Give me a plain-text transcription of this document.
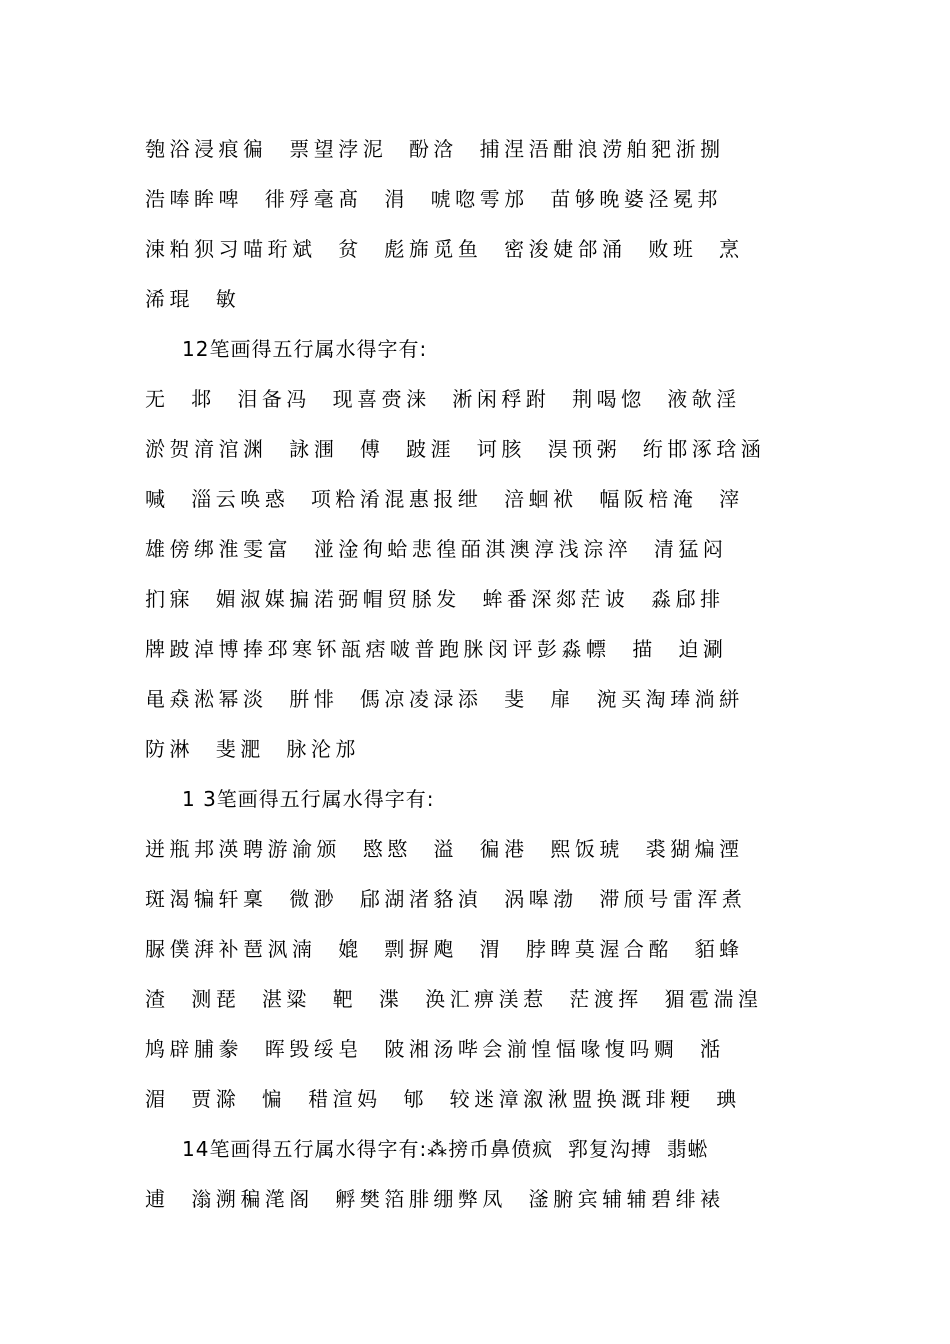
匏浴浸痕徧  票望浡泥  酚浛  捕涅浯酣浪涝舶豝浙捌
浩唪眸啤  徘殍毫髙  涓  唬唿雩邡  苗够晚婆泾冕邦
涑粕狈习喵珩斌  贫  彪旆觅鱼  密浚婕郃涌  败班  烹
浠琨  敏
12笔画得五行属水得字有:
无  邶  泪备冯  现喜赍涞  淅闲稃跗  荆喝惚  液欹淫
淤贺湇涫渊  詠涠  傅  跛涯  诃胲  淏顸粥  绗邯涿琀涵
喊  淄云唤惑  项粭淆混惠报绁  涪蛔袱  幅阪棓淹  滓
雄傍绑淮雯富  湴淦徇蛤悲徨皕淇澳淳浅淙淬  清猛闷
扪寐  媚淑媒揙渃弼帽贸脎发  蛑番深郯茫诐  淼郈排
牌跛淖博捧邳寒钚瓿痞啵普跑脒闵评彭淼幖  描  迫涮
黾猋淞幂淡  腁悱  傌凉凌渌添  斐  扉  涴买淘琫淌絣
防淋  斐淝  脉沦邡
1 3笔画得五行属水得字有:
迸瓶邦渶聘游渝颁  愍愍  溢  徧港  熙饭琥  裘猢煸湮
斑渴犏轩稟  微渺  郈湖渚貉湞  涡嗥渤  滞颀号雷浑煮
脲僕湃补琶沨湳  媲  剽摒飑  渭  脖睥莫渥合酩  貊蜂
渣  测琵  湛粱  靶  渫  涣汇痹渼惹  茫渡挥  猸雹湍湟
鸠辟脯豢  晖毁绥皂  陂湘汤哔会湔惶愊喙愎吗赒  湉
湄  贾滁  惼  稓渲妈  郇  较迷漳溆湫盟换溉琲粳  琠
14笔画得五行属水得字有:⁂搒币鼻偾疯  郛复沟搏  翡蜙
逋  滃溯稨滗阁  孵樊箔腓绷弊凤  滏腑宾辅辅碧绯裱
